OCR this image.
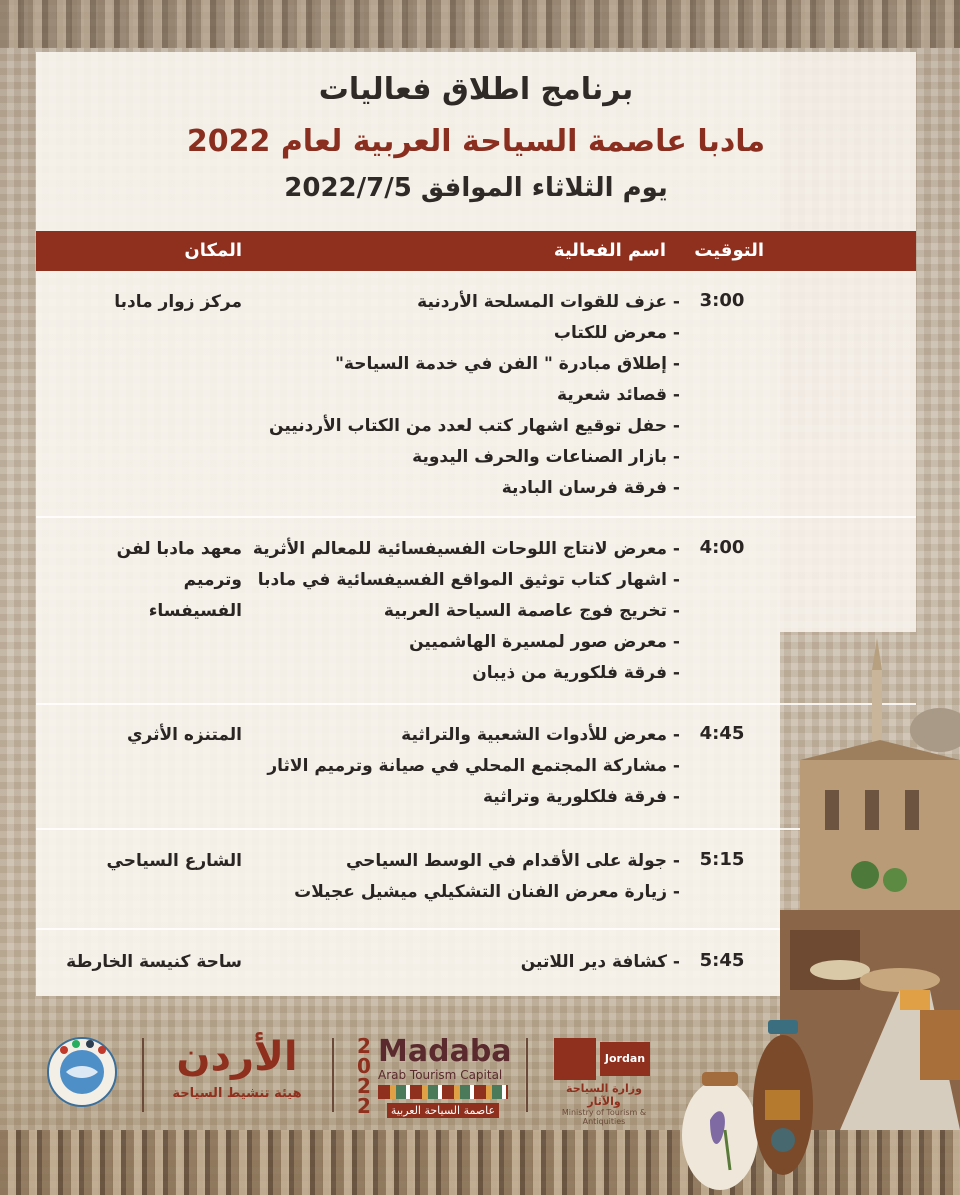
برنامج اطلاق فعاليات

مادبا عاصمة السياحة العربية لعام 2022

يوم الثلاثاء الموافق 2022/7/5

التوقيت
اسم الفعالية
المكان
3:00
- عزف للقوات المسلحة الأردنية
- معرض للكتاب
- إطلاق مبادرة " الفن في خدمة السياحة"
- قصائد شعرية
- حفل توقيع اشهار كتب لعدد من الكتاب الأردنيين
- بازار الصناعات والحرف اليدوية
- فرقة فرسان البادية
مركز زوار مادبا
4:00
- معرض لانتاج اللوحات الفسيفسائية للمعالم الأثرية
- اشهار كتاب توثيق المواقع الفسيفسائية في مادبا
- تخريج فوج عاصمة السياحة العربية
- معرض صور لمسيرة الهاشميين
- فرقة فلكورية من ذيبان
معهد مادبا لفن وترميم الفسيفساء
4:45
- معرض للأدوات الشعبية والتراثية
- مشاركة المجتمع المحلي في صيانة وترميم الاثار
- فرقة فلكلورية وتراثية
المتنزه الأثري
5:15
- جولة على الأقدام في الوسط السياحي
- زيارة معرض الفنان التشكيلي ميشيل عجيلات
الشارع السياحي
5:45
- كشافة دير اللاتين
ساحة كنيسة الخارطة
Jordan
وزارة السياحة والآثار
Ministry of Tourism & Antiquities
2022
Madaba
Arab Tourism Capital
عاصمة السياحة العربية
الأردن
هيئة تنشيط السياحة
